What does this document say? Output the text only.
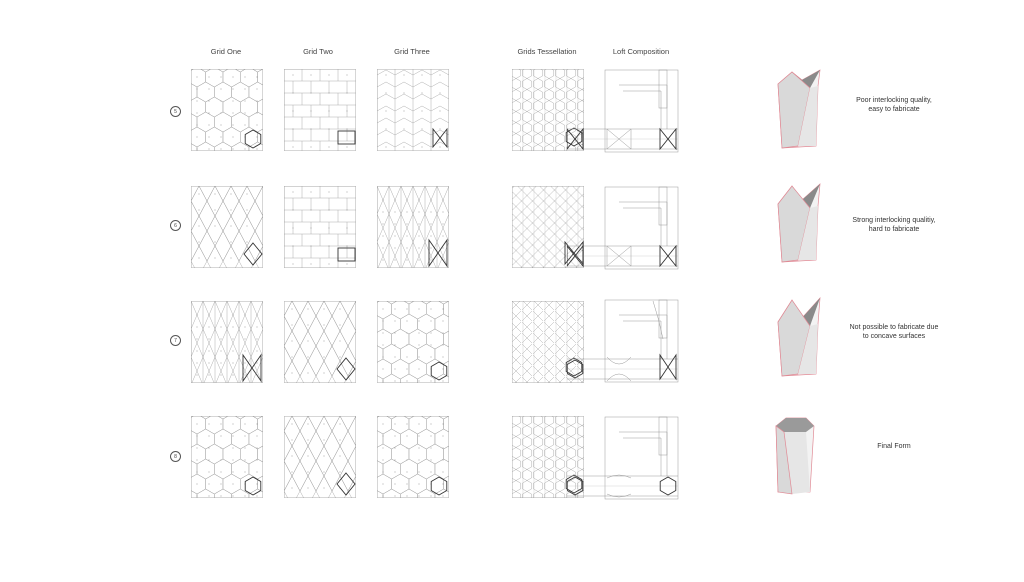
Grid One	Grid Two	Grid Three	Grids Tessellation	Loft Composition
5
Poor interlocking quality, easy to fabricate
6
Strong interlocking qualitiy, hard to fabricate
7
Not possible to fabricate due to concave surfaces
8
Final Form
